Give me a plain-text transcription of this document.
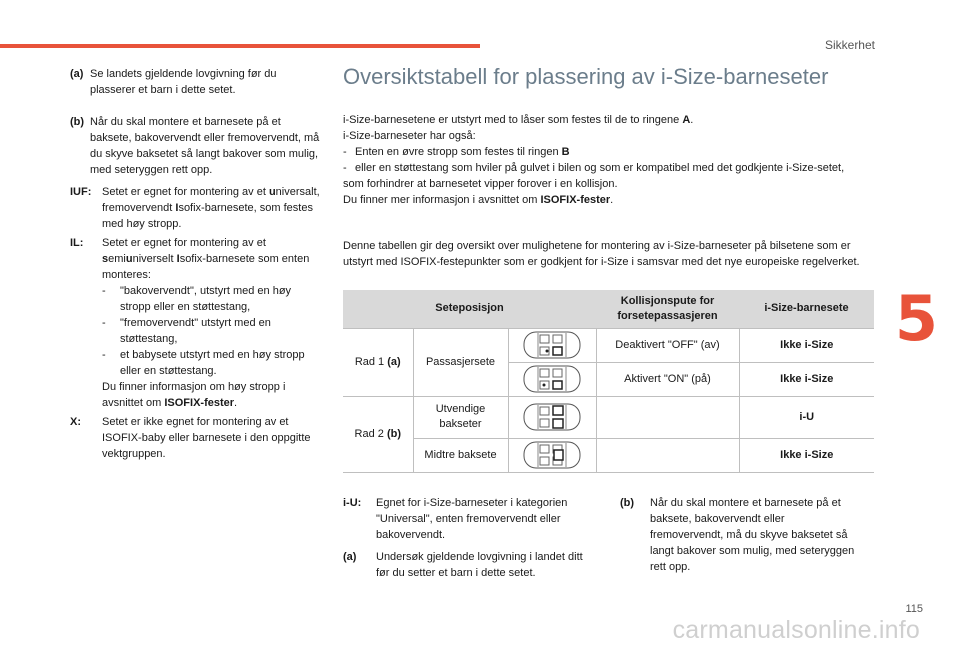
Sikkerhet
5
(a) Se landets gjeldende lovgivning før du plasserer et barn i dette setet.
(b) Når du skal montere et barnesete på et baksete, bakovervendt eller fremovervendt, må du skyve baksetet så langt bakover som mulig, med seteryggen rett opp.
IUF: Setet er egnet for montering av et universalt, fremovervendt Isofix-barnesete, som festes med høy stropp.
IL:	Setet er egnet for montering av et semiuniverselt Isofix-barnesete som enten monteres:
-	"bakovervendt", utstyrt med en høy stropp eller en støttestang,
-	"fremovervendt" utstyrt med en støttestang,
-	et babysete utstyrt med en høy stropp eller en støttestang.
Du finner informasjon om høy stropp i avsnittet om ISOFIX-fester.
X:	Setet er ikke egnet for montering av et ISOFIX-baby eller barnesete i den oppgitte vektgruppen.
Oversiktstabell for plassering av i-Size-barneseter
i-Size-barnesetene er utstyrt med to låser som festes til de to ringene A.
i-Size-barneseter har også:
- Enten en øvre stropp som festes til ringen B
- eller en støttestang som hviler på gulvet i bilen og som er kompatibel med det godkjente i-Size-setet,
som forhindrer at barnesetet vipper forover i en kollisjon.
Du finner mer informasjon i avsnittet om ISOFIX-fester.
Denne tabellen gir deg oversikt over mulighetene for montering av i-Size-barneseter på bilsetene som er utstyrt med ISOFIX-festepunkter som er godkjent for i-Size i samsvar med det nye europeiske regelverket.
Seteposisjon			Kollisjonspute for forsetepassasjeren	i-Size-barnesete
Rad 1 (a)	Passasjersete		Deaktivert "OFF" (av)	Ikke i-Size

	Aktivert "ON" (på)	Ikke i-Size
Rad 2 (b)	Utvendige bakseter			i-U
	Midtre baksete			Ikke i-Size
i-U:	Egnet for i-Size-barneseter i kategorien "Universal", enten fremovervendt eller bakovervendt.
(a)	Undersøk gjeldende lovgivning i landet ditt før du setter et barn i dette setet.
(b)	Når du skal montere et barnesete på et baksete, bakovervendt eller fremovervendt, må du skyve baksetet så langt bakover som mulig, med seteryggen rett opp.
115
carmanualsonline.info
